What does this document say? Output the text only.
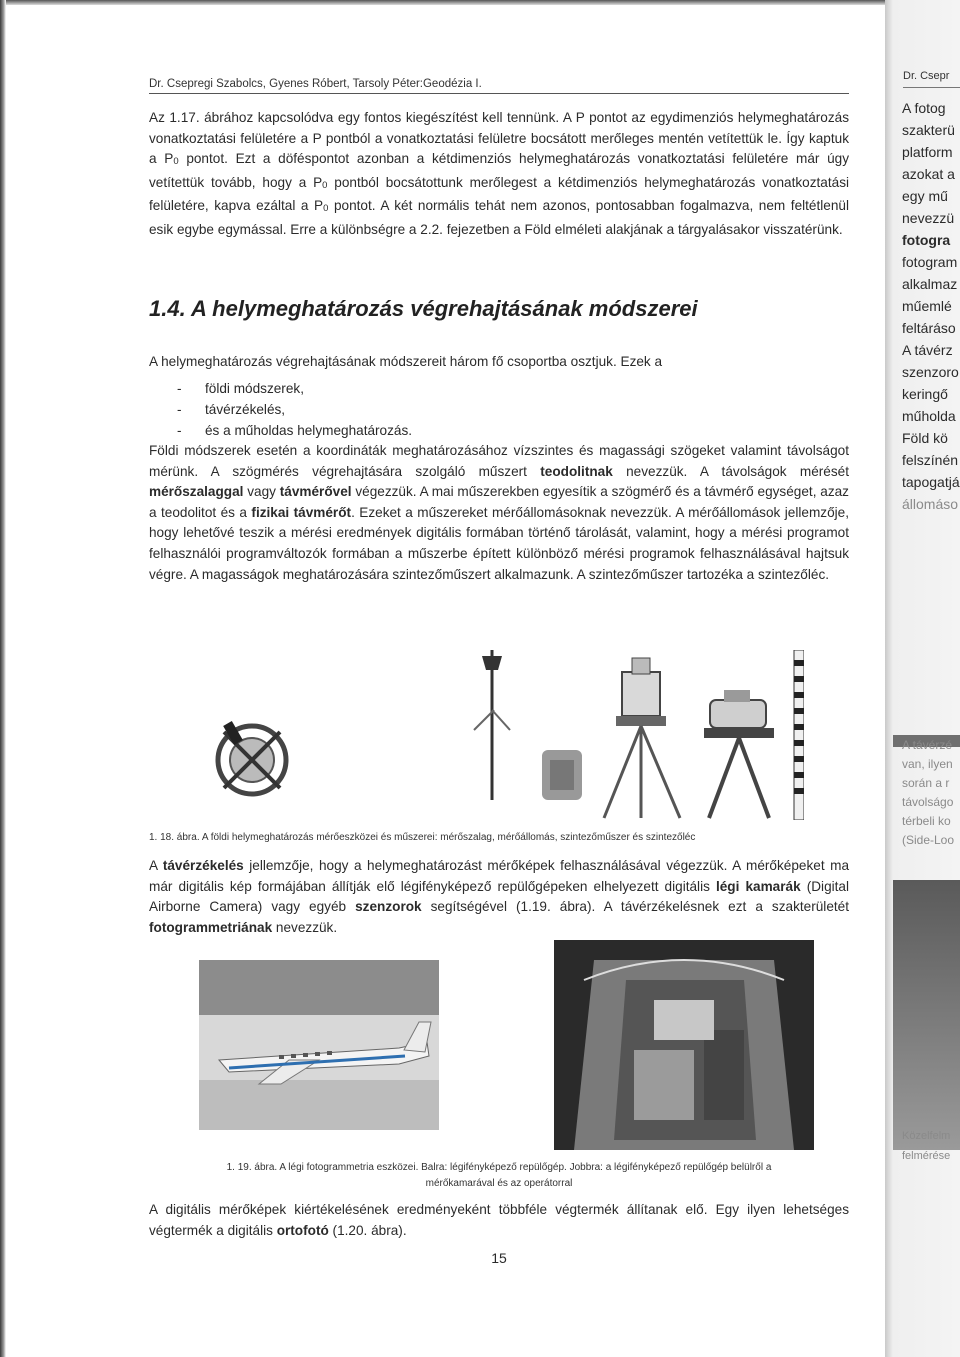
Dr. Csepregi Szabolcs, Gyenes Róbert, Tarsoly Péter:Geodézia I.
Az 1.17. ábrához kapcsolódva egy fontos kiegészítést kell tennünk. A P pontot az egydimenziós helymeghatározás vonatkoztatási felületére a P pontból a vonatkoztatási felületre bocsátott merőleges mentén vetítettük le. Így kaptuk a P0 pontot. Ezt a döféspontot azonban a kétdimenziós helymeghatározás vonatkoztatási felületére már úgy vetítettük tovább, hogy a P0 pontból bocsátottunk merőlegest a kétdimenziós helymeghatározás vonatkoztatási felületére, kapva ezáltal a P0 pontot. A két normális tehát nem azonos, pontosabban fogalmazva, nem feltétlenül esik egybe egymással. Erre a különbségre a 2.2. fejezetben a Föld elméleti alakjának a tárgyalásakor visszatérünk.
1.4. A helymeghatározás végrehajtásának módszerei
A helymeghatározás végrehajtásának módszereit három fő csoportba osztjuk. Ezek a
- földi módszerek,
- távérzékelés,
- és a műholdas helymeghatározás.
Földi módszerek esetén a koordináták meghatározásához vízszintes és magassági szögeket valamint távolságot mérünk. A szögmérés végrehajtására szolgáló műszert teodolitnak nevezzük. A távolságok mérését mérőszalaggal vagy távmérővel végezzük. A mai műszerekben egyesítik a szögmérő és a távmérő egységet, azaz a teodolitot és a fizikai távmérőt. Ezeket a műszereket mérőállomásoknak nevezzük. A mérőállomások jellemzője, hogy lehetővé teszik a mérési eredmények digitális formában történő tárolását, valamint, hogy a mérési programot felhasználói programváltozók formában a műszerbe épített különböző mérési programok felhasználásával hajtsuk végre. A magasságok meghatározására szintezőműszert alkalmazunk. A szintezőműszer tartozéka a szintezőléc.
1. 18. ábra. A földi helymeghatározás mérőeszközei és műszerei: mérőszalag, mérőállomás, szintezőműszer és szintezőléc
A távérzékelés jellemzője, hogy a helymeghatározást mérőképek felhasználásával végezzük. A mérőképeket ma már digitális kép formájában állítják elő légifényképező repülőgépeken elhelyezett digitális légi kamarák (Digital Airborne Camera) vagy egyéb szenzorok segítségével (1.19. ábra). A távérzékelésnek ezt a szakterületét fotogrammetriának nevezzük.
1. 19. ábra. A légi fotogrammetria eszközei. Balra: légifényképező repülőgép. Jobbra: a légifényképező repülőgép belülről a
mérőkamarával és az operátorral
A digitális mérőképek kiértékelésének eredményeként többféle végtermék állítanak elő. Egy ilyen lehetséges végtermék a digitális ortofotó (1.20. ábra).
15
Dr. Csepr
A fotog
szakterü
platform
azokat a
egy mű
nevezzü
fotogra
fotogram
alkalmaz
műemlé
feltáráso
A távérz
szenzoro
keringő
műholda
Föld kö
felszínén
tapogatjá
állomáso
A távérzé
van, ilyen
során a r
távolságo
térbeli ko
(Side-Loo
Közelfelm
felmérése
